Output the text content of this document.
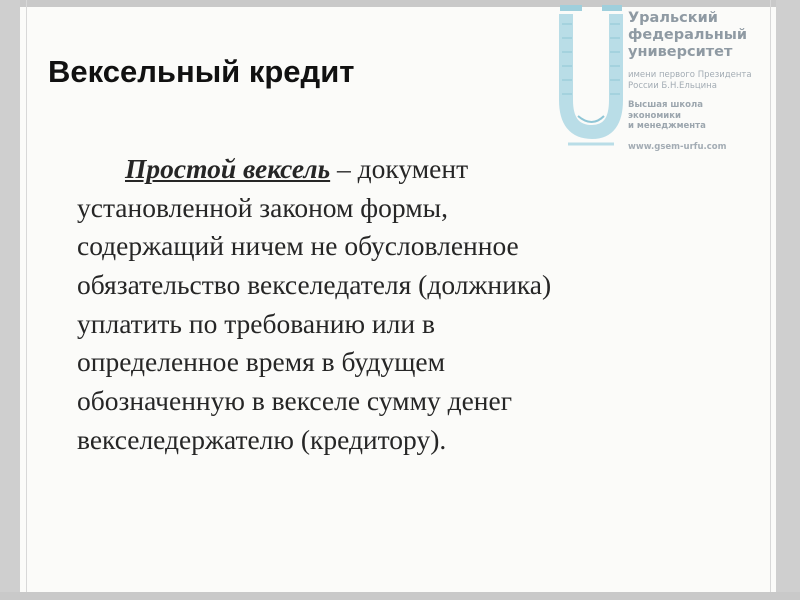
Уральский
федеральный
университет
имени первого Президента
России Б.Н.Ельцина
Высшая школа
экономики
и менеджмента
www.gsem-urfu.com
Вексельный кредит
Простой вексель – документ
установленной законом формы,
содержащий ничем не обусловленное
обязательство векселедателя (должника)
уплатить по требованию или в
определенное время в будущем
обозначенную в векселе сумму денег
векселедержателю (кредитору).
